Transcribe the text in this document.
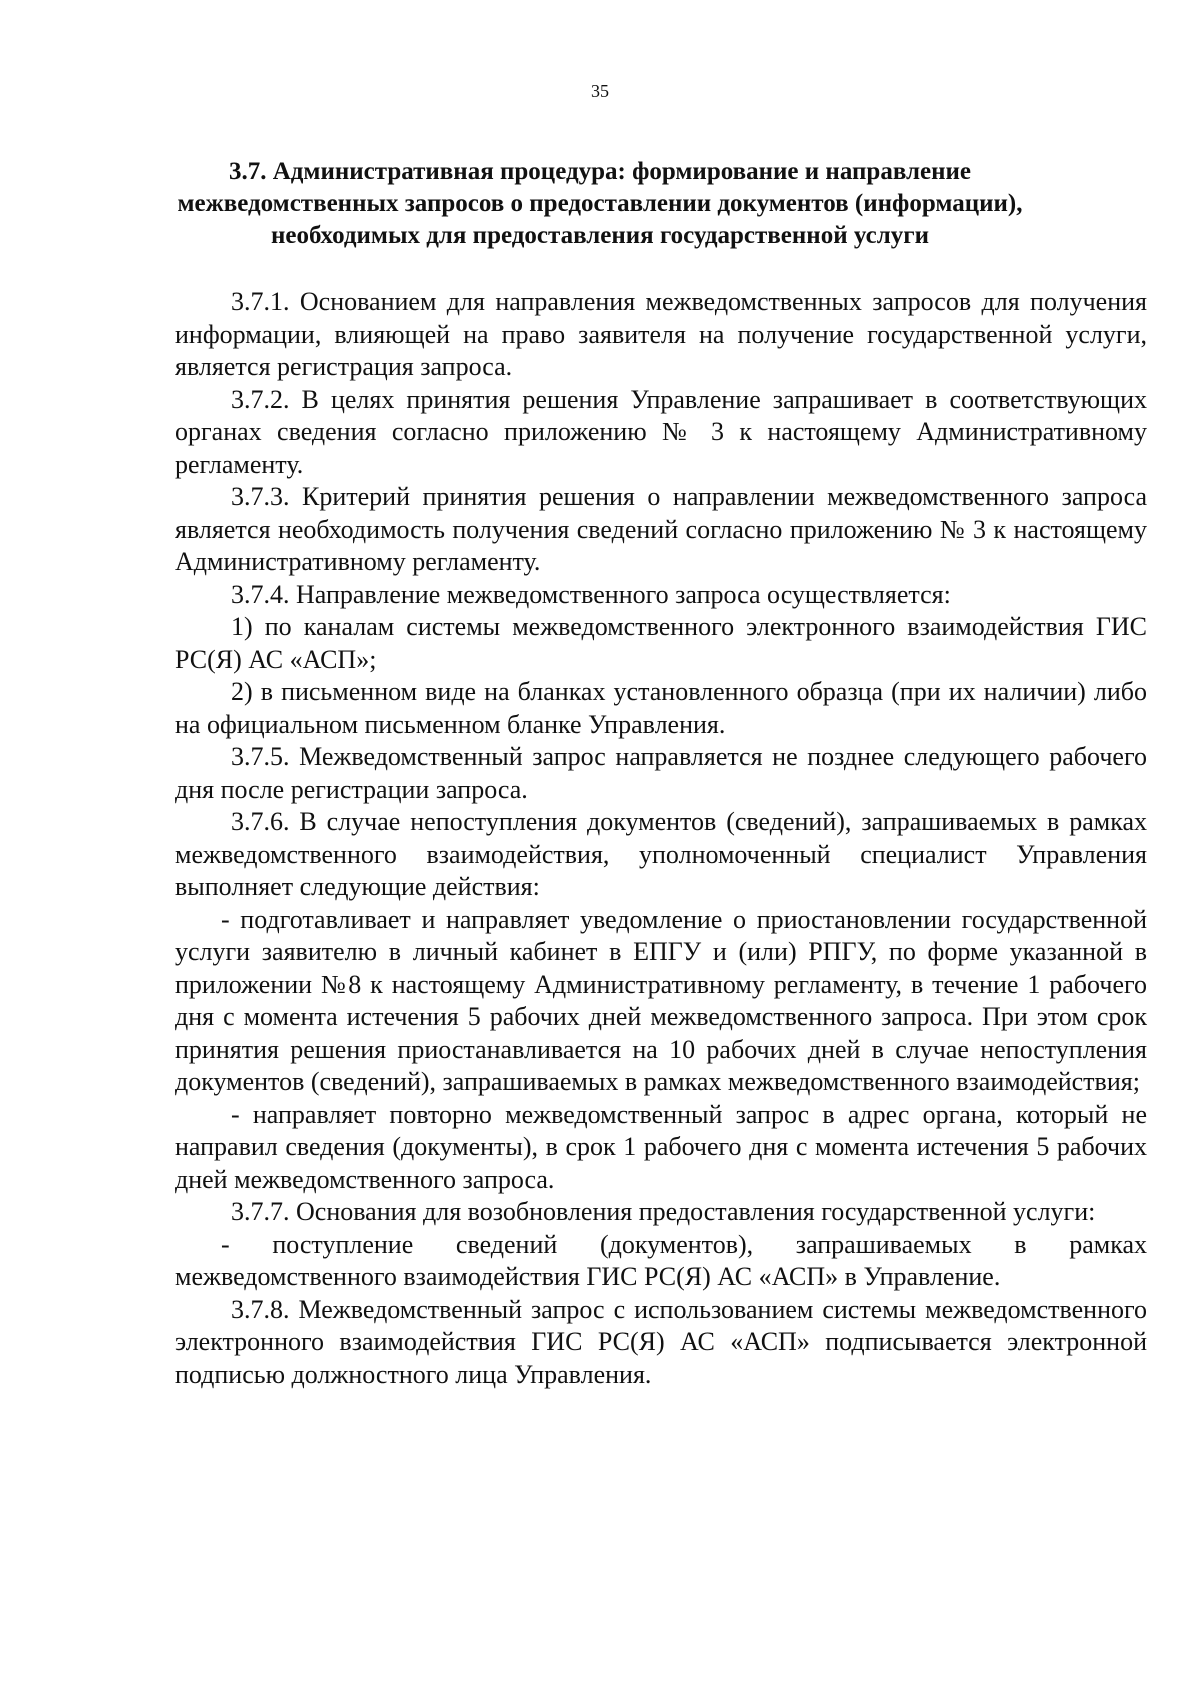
35
3.7. Административная процедура: формирование и направление
межведомственных запросов о предоставлении документов (информации),
необходимых для предоставления государственной услуги

3.7.1. Основанием для направления межведомственных запросов для получения информации, влияющей на право заявителя на получение государственной услуги, является регистрация запроса.

3.7.2. В целях принятия решения Управление запрашивает в соответствующих органах сведения согласно приложению № 3 к настоящему Административному регламенту.

3.7.3. Критерий принятия решения о направлении межведомственного запроса является необходимость получения сведений согласно приложению № 3 к настоящему Административному регламенту.

3.7.4. Направление межведомственного запроса осуществляется:

1) по каналам системы межведомственного электронного взаимодействия ГИС РС(Я) АС «АСП»;

2) в письменном виде на бланках установленного образца (при их наличии) либо на официальном письменном бланке Управления.

3.7.5. Межведомственный запрос направляется не позднее следующего рабочего дня после регистрации запроса.

3.7.6. В случае непоступления документов (сведений), запрашиваемых в рамках межведомственного взаимодействия, уполномоченный специалист Управления выполняет следующие действия:

- подготавливает и направляет уведомление о приостановлении государственной услуги заявителю в личный кабинет в ЕПГУ и (или) РПГУ, по форме указанной в приложении №8 к настоящему Административному регламенту, в течение 1 рабочего дня с момента истечения 5 рабочих дней межведомственного запроса. При этом срок принятия решения приостанавливается на 10 рабочих дней в случае непоступления документов (сведений), запрашиваемых в рамках межведомственного взаимодействия;

- направляет повторно межведомственный запрос в адрес органа, который не направил сведения (документы), в срок 1 рабочего дня с момента истечения 5 рабочих дней межведомственного запроса.

3.7.7. Основания для возобновления предоставления государственной услуги:

- поступление сведений (документов), запрашиваемых в рамках межведомственного взаимодействия ГИС РС(Я) АС «АСП» в Управление.

3.7.8. Межведомственный запрос с использованием системы межведомственного электронного взаимодействия ГИС РС(Я) АС «АСП» подписывается электронной подписью должностного лица Управления.
